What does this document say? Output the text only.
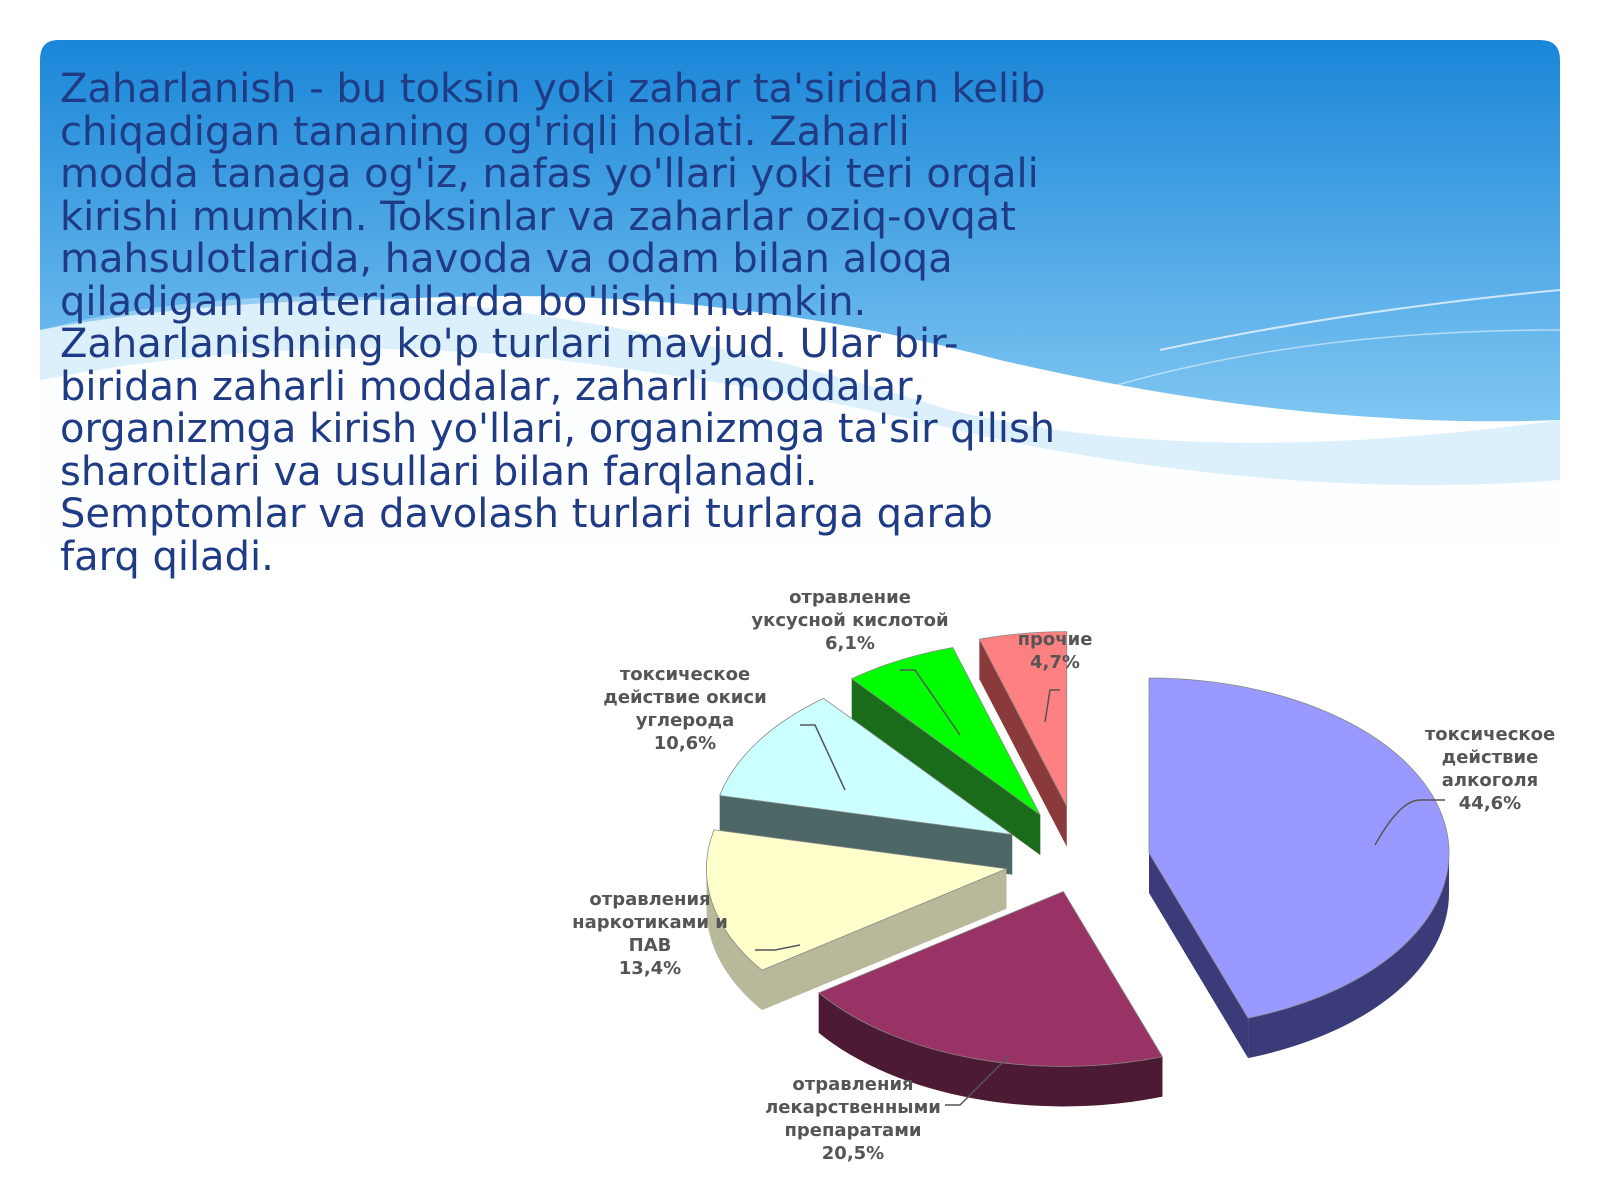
Zaharlanish - bu toksin yoki zahar ta'siridan kelib
chiqadigan tananing og'riqli holati. Zaharli
modda tanaga og'iz, nafas yo'llari yoki teri orqali
kirishi mumkin. Toksinlar va zaharlar oziq-ovqat
mahsulotlarida, havoda va odam bilan aloqa
qiladigan materiallarda bo'lishi mumkin.
Zaharlanishning ko'p turlari mavjud. Ular bir-
biridan zaharli moddalar, zaharli moddalar,
organizmga kirish yo'llari, organizmga ta'sir qilish
sharoitlari va usullari bilan farqlanadi.
Semptomlar va davolash turlari turlarga qarab
farq qiladi.

токсическое
действие
алкоголя
44,6%
отравления
лекарственными
препаратами
20,5%
отравления
наркотиками и
ПАВ
13,4%
токсическое
действие окиси
углерода
10,6%
отравление
уксусной кислотой
6,1%	прочие
4,7%
